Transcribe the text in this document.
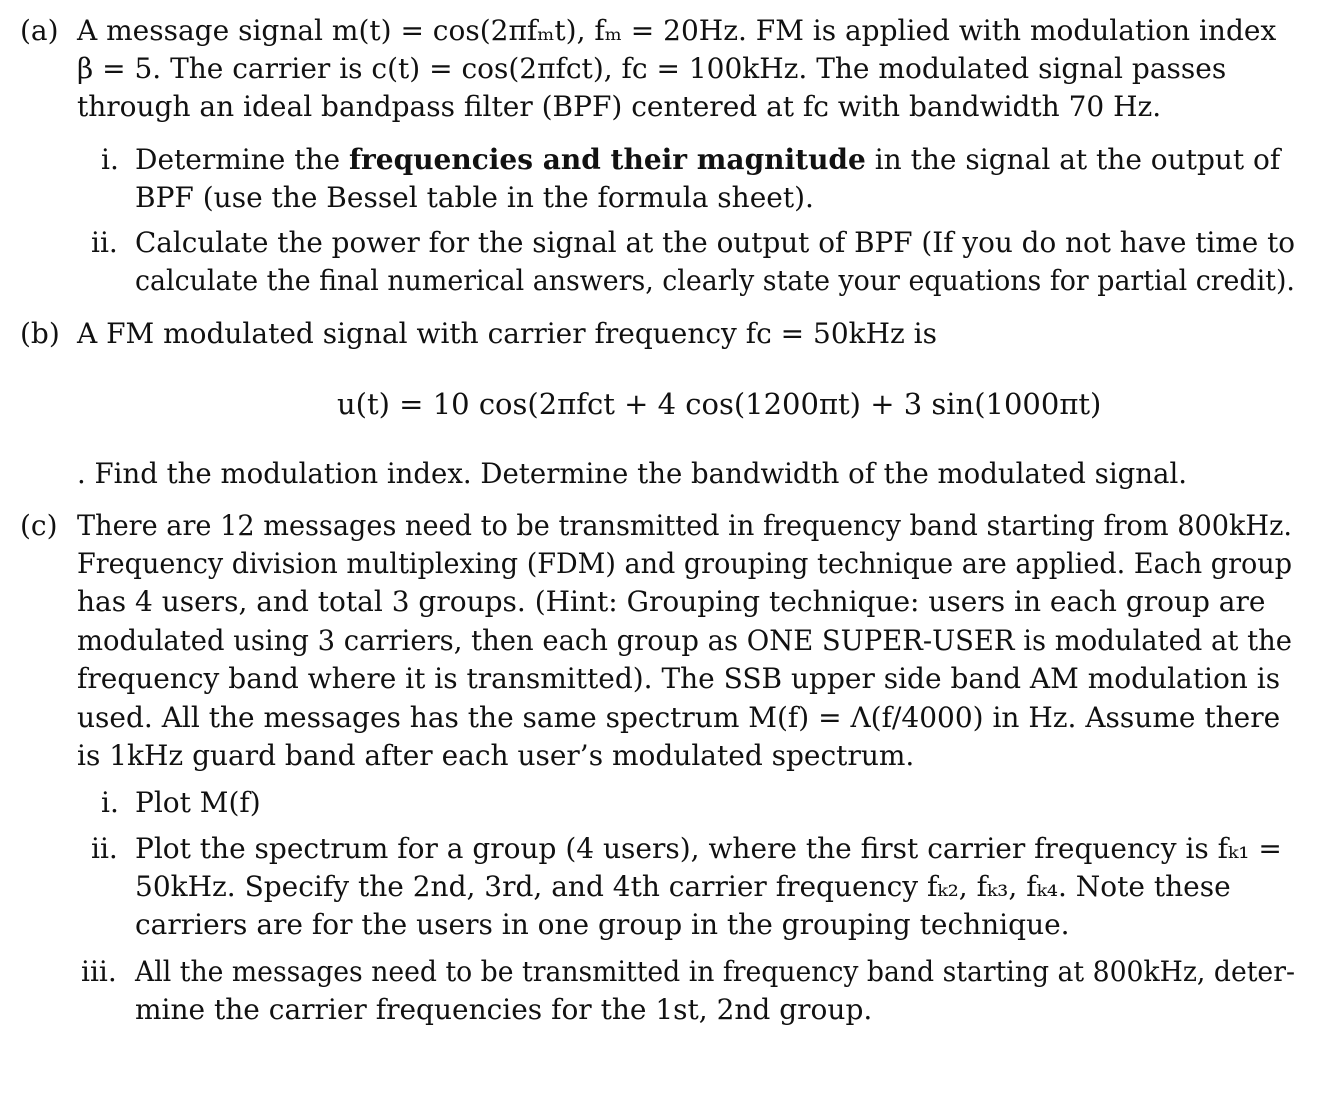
(a) A message signal m(t) = cos(2πfₘt), fₘ = 20Hz. FM is applied with modulation index
β = 5. The carrier is c(t) = cos(2πfᴄt), fᴄ = 100kHz. The modulated signal passes
through an ideal bandpass filter (BPF) centered at fᴄ with bandwidth 70 Hz.
i. Determine the frequencies and their magnitude in the signal at the output of
BPF (use the Bessel table in the formula sheet).
ii. Calculate the power for the signal at the output of BPF (If you do not have time to
calculate the final numerical answers, clearly state your equations for partial credit).
(b) A FM modulated signal with carrier frequency fᴄ = 50kHz is
u(t) = 10 cos(2πfᴄt + 4 cos(1200πt) + 3 sin(1000πt)
. Find the modulation index. Determine the bandwidth of the modulated signal.
(c) There are 12 messages need to be transmitted in frequency band starting from 800kHz.
Frequency division multiplexing (FDM) and grouping technique are applied. Each group
has 4 users, and total 3 groups. (Hint: Grouping technique: users in each group are
modulated using 3 carriers, then each group as ONE SUPER-USER is modulated at the
frequency band where it is transmitted). The SSB upper side band AM modulation is
used. All the messages has the same spectrum M(f) = Λ(f/4000) in Hz. Assume there
is 1kHz guard band after each user’s modulated spectrum.
i. Plot M(f)
ii. Plot the spectrum for a group (4 users), where the first carrier frequency is fₖ₁ =
50kHz. Specify the 2nd, 3rd, and 4th carrier frequency fₖ₂, fₖ₃, fₖ₄. Note these
carriers are for the users in one group in the grouping technique.
iii. All the messages need to be transmitted in frequency band starting at 800kHz, deter-
mine the carrier frequencies for the 1st, 2nd group.
